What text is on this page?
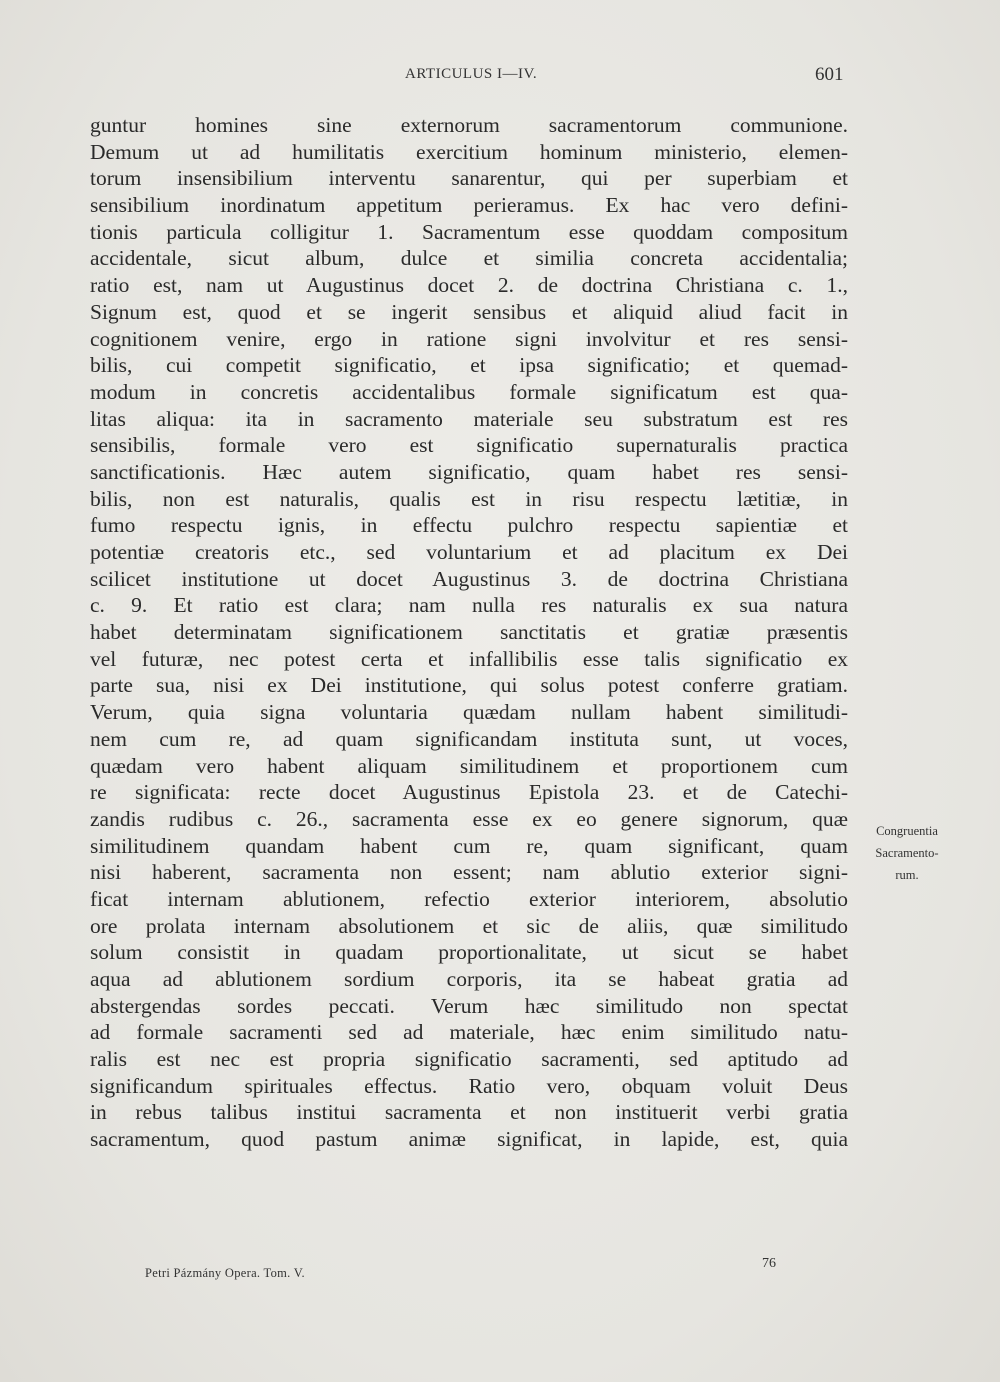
ARTICULUS I—IV.	601
guntur homines sine externorum sacramentorum communione.
Demum ut ad humilitatis exercitium hominum ministerio, elemen-
torum insensibilium interventu sanarentur, qui per superbiam et
sensibilium inordinatum appetitum perieramus. Ex hac vero defini-
tionis particula colligitur 1. Sacramentum esse quoddam compositum
accidentale, sicut album, dulce et similia concreta accidentalia;
ratio est, nam ut Augustinus docet 2. de doctrina Christiana c. 1.,
Signum est, quod et se ingerit sensibus et aliquid aliud facit in
cognitionem venire, ergo in ratione signi involvitur et res sensi-
bilis, cui competit significatio, et ipsa significatio; et quemad-
modum in concretis accidentalibus formale significatum est qua-
litas aliqua: ita in sacramento materiale seu substratum est res
sensibilis, formale vero est significatio supernaturalis practica
sanctificationis. Hæc autem significatio, quam habet res sensi-
bilis, non est naturalis, qualis est in risu respectu lætitiæ, in
fumo respectu ignis, in effectu pulchro respectu sapientiæ et
potentiæ creatoris etc., sed voluntarium et ad placitum ex Dei
scilicet institutione ut docet Augustinus 3. de doctrina Christiana
c. 9. Et ratio est clara; nam nulla res naturalis ex sua natura
habet determinatam significationem sanctitatis et gratiæ præsentis
vel futuræ, nec potest certa et infallibilis esse talis significatio ex
parte sua, nisi ex Dei institutione, qui solus potest conferre gratiam.
Verum, quia signa voluntaria quædam nullam habent similitudi-
nem cum re, ad quam significandam instituta sunt, ut voces,
quædam vero habent aliquam similitudinem et proportionem cum
re significata: recte docet Augustinus Epistola 23. et de Catechi-
zandis rudibus c. 26., sacramenta esse ex eo genere signorum, quæ
similitudinem quandam habent cum re, quam significant, quam
nisi haberent, sacramenta non essent; nam ablutio exterior signi-
ficat internam ablutionem, refectio exterior interiorem, absolutio
ore prolata internam absolutionem et sic de aliis, quæ similitudo
solum consistit in quadam proportionalitate, ut sicut se habet
aqua ad ablutionem sordium corporis, ita se habeat gratia ad
abstergendas sordes peccati. Verum hæc similitudo non spectat
ad formale sacramenti sed ad materiale, hæc enim similitudo natu-
ralis est nec est propria significatio sacramenti, sed aptitudo ad
significandum spirituales effectus. Ratio vero, obquam voluit Deus
in rebus talibus institui sacramenta et non instituerit verbi gratia
sacramentum, quod pastum animæ significat, in lapide, est, quia
Congruentia
Sacramento-
rum.
Petri Pázmány Opera. Tom. V.
76
